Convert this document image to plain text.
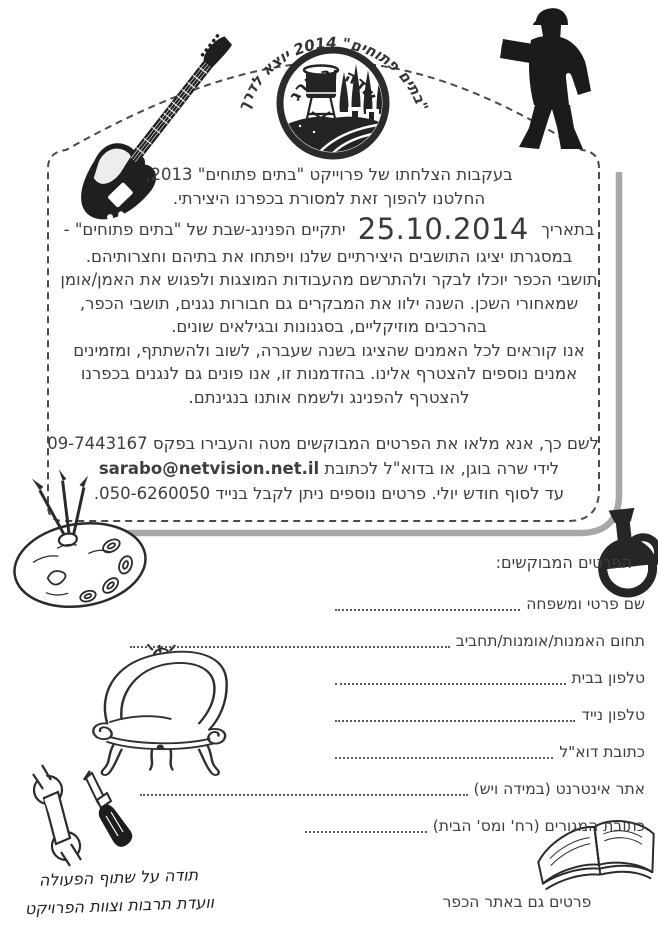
שדה ורבורג
"בתים פתוחים" 2014 יוצא לדרך
בעקבות הצלחתו של פרוייקט "בתים פתוחים" 2013,
החלטנו להפוך זאת למסורת בכפרנו היצירתי.
בתאריך 25.10.2014 יתקיים הפנינג-שבת של "בתים פתוחים" -
במסגרתו יציגו התושבים היצירתיים שלנו ויפתחו את בתיהם וחצרותיהם.
תושבי הכפר יוכלו לבקר ולהתרשם מהעבודות המוצגות ולפגוש את האמן/אומן
שמאחורי השכן. השנה ילוו את המבקרים גם חבורות נגנים, תושבי הכפר,
בהרכבים מוזיקליים, בסגנונות ובגילאים שונים.
אנו קוראים לכל האמנים שהציגו בשנה שעברה, לשוב ולהשתתף, ומזמינים
אמנים נוספים להצטרף אלינו. בהזדמנות זו, אנו פונים גם לנגנים בכפרנו
להצטרף להפנינג ולשמח אותנו בנגינתם.
לשם כך, אנא מלאו את הפרטים המבוקשים מטה והעבירו בפקס 09-7443167
לידי שרה בוגן, או בדוא"ל לכתובת sarabo@netvision.net.il
עד לסוף חודש יולי. פרטים נוספים ניתן לקבל בנייד 050-6260050.
הפרטים המבוקשים:
שם פרטי ומשפחה
תחום האמנות/אומנות/תחביב
טלפון בבית
טלפון נייד
כתובת דוא"ל
אתר אינטרנט (במידה ויש)
כתובת המגורים (רח' ומס' הבית)
תודה על שתוף הפעולה
וועדת תרבות וצוות הפרויקט	פרטים גם באתר הכפר
